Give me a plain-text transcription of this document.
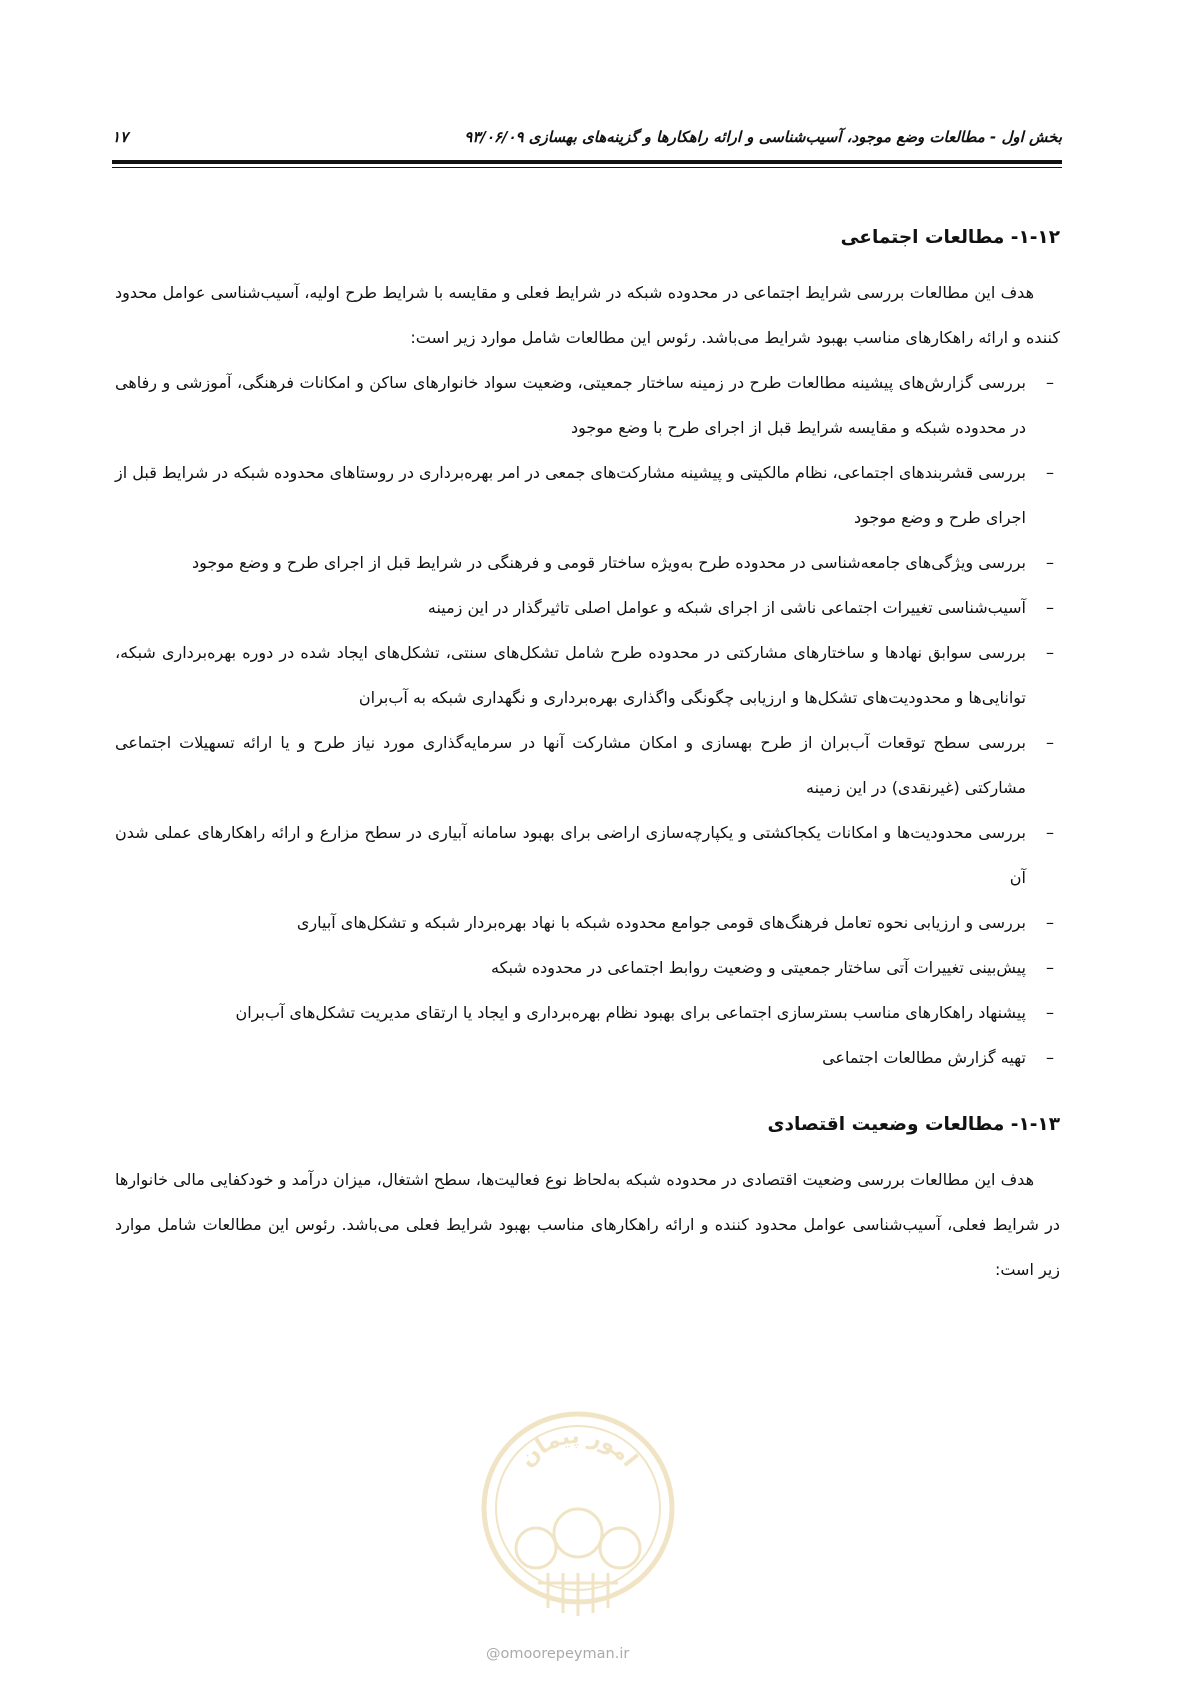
بخش اول - مطالعات وضع موجود، آسیب‌شناسی و ارائه راهکارها و گزینه‌های بهسازی ۹۳/۰۶/۰۹
۱۷
۱-۱۲- مطالعات اجتماعی

هدف این مطالعات بررسی شرایط اجتماعی در محدوده شبکه در شرایط فعلی و مقایسه با شرایط طرح اولیه، آسیب‌شناسی عوامل محدود کننده و ارائه راهکارهای مناسب بهبود شرایط می‌باشد. رئوس این مطالعات شامل موارد زیر است:

–
بررسی گزارش‌های پیشینه مطالعات طرح در زمینه ساختار جمعیتی، وضعیت سواد خانوارهای ساکن و امکانات فرهنگی، آموزشی و رفاهی در محدوده شبکه و مقایسه شرایط قبل از اجرای طرح با وضع موجود
–
بررسی قشربندهای اجتماعی، نظام مالکیتی و پیشینه مشارکت‌های جمعی در امر بهره‌برداری در روستاهای محدوده شبکه در شرایط قبل از اجرای طرح و وضع موجود
–
بررسی ویژگی‌های جامعه‌شناسی در محدوده طرح به‌ویژه ساختار قومی و فرهنگی در شرایط قبل از اجرای طرح و وضع موجود
–
آسیب‌شناسی تغییرات اجتماعی ناشی از اجرای شبکه و عوامل اصلی تاثیرگذار در این زمینه
–
بررسی سوابق نهادها و ساختارهای مشارکتی در محدوده طرح شامل تشکل‌های سنتی، تشکل‌های ایجاد شده در دوره بهره‌برداری شبکه، توانایی‌ها و محدودیت‌های تشکل‌ها و ارزیابی چگونگی واگذاری بهره‌برداری و نگهداری شبکه به آب‌بران
–
بررسی سطح توقعات آب‌بران از طرح بهسازی و امکان مشارکت آنها در سرمایه‌گذاری مورد نیاز طرح و یا ارائه تسهیلات اجتماعی مشارکتی (غیرنقدی) در این زمینه
–
بررسی محدودیت‌ها و امکانات یکجاکشتی و یکپارچه‌سازی اراضی برای بهبود سامانه آبیاری در سطح مزارع و ارائه راهکارهای عملی شدن آن
–
بررسی و ارزیابی نحوه تعامل فرهنگ‌های قومی جوامع محدوده شبکه با نهاد بهره‌بردار شبکه و تشکل‌های آبیاری
–
پیش‌بینی تغییرات آتی ساختار جمعیتی و وضعیت روابط اجتماعی در محدوده شبکه
–
پیشنهاد راهکارهای مناسب بسترسازی اجتماعی برای بهبود نظام بهره‌برداری و ایجاد یا ارتقای مدیریت تشکل‌های آب‌بران
–
تهیه گزارش مطالعات اجتماعی
۱-۱۳- مطالعات وضعیت اقتصادی

هدف این مطالعات بررسی وضعیت اقتصادی در محدوده شبکه به‌لحاظ نوع فعالیت‌ها، سطح اشتغال، میزان درآمد و خودکفایی مالی خانوارها در شرایط فعلی، آسیب‌شناسی عوامل محدود کننده و ارائه راهکارهای مناسب بهبود شرایط فعلی می‌باشد. رئوس این مطالعات شامل موارد زیر است:

امور پیمان
@omoorepeyman.ir
